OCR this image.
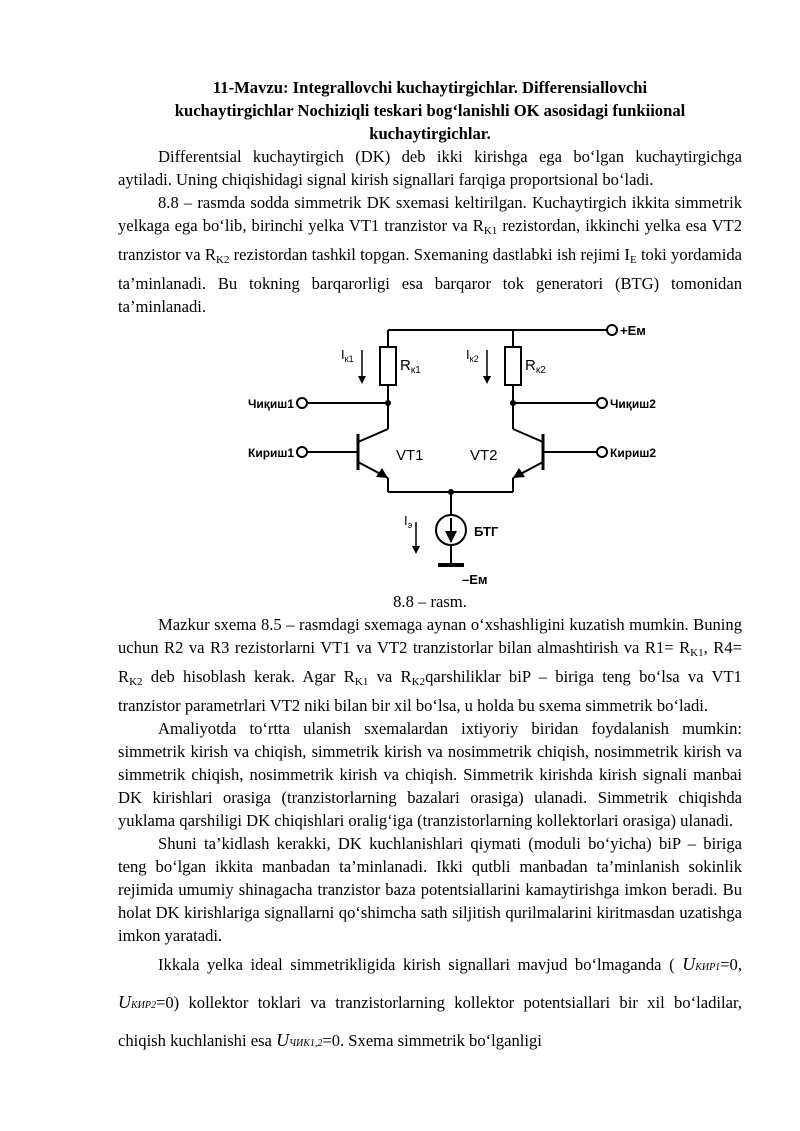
11-Mavzu: Integrallovchi kuchaytirgichlar. Differensiallovchi
kuchaytirgichlar Nochiziqli teskari bog‘lanishli OK asosidagi funkiional
kuchaytirgichlar.

Differentsial kuchaytirgich (DK) deb ikki kirishga ega bo‘lgan kuchaytirgichga aytiladi. Uning chiqishidagi signal kirish signallari farqiga proportsional bo‘ladi.

8.8 – rasmda sodda simmetrik DK sxemasi keltirilgan. Kuchaytirgich ikkita simmetrik yelkaga ega bo‘lib, birinchi yelka VT1 tranzistor va $R_{K1}$ rezistordan, ikkinchi yelka esa VT2 tranzistor va $R_{K2}$ rezistordan tashkil topgan. Sxemaning dastlabki ish rejimi $I_E$ toki yordamida ta’minlanadi. Bu tokning barqarorligi esa barqaror tok generatori (BTG) tomonidan ta’minlanadi.

$I_{к1}$	$R_{к1}$
$I_{к2}$	$R_{к2}$
+Eм
Чиқиш1	Чиқиш2
Кириш1	Кириш2
VT1	VT2
$I_э$	БТГ
–Eм
8.8 – rasm.

Mazkur sxema 8.5 – rasmdagi sxemaga aynan o‘xshashligini kuzatish mumkin. Buning uchun R2 va R3 rezistorlarni VT1 va VT2 tranzistorlar bilan almashtirish va $R1= R_{K1}$, $R4= R_{K2}$ deb hisoblash kerak. Agar $R_{K1}$ va $R_{K2}qarshiliklar$ biP – biriga teng bo‘lsa va VT1 tranzistor parametrlari VT2 niki bilan bir xil bo‘lsa, u holda bu sxema simmetrik bo‘ladi.

Amaliyotda to‘rtta ulanish sxemalardan ixtiyoriy biridan foydalanish mumkin: simmetrik kirish va chiqish, simmetrik kirish va nosimmetrik chiqish, nosimmetrik kirish va simmetrik chiqish, nosimmetrik kirish va chiqish. Simmetrik kirishda kirish signali manbai DK kirishlari orasiga (tranzistorlarning bazalari orasiga) ulanadi. Simmetrik chiqishda yuklama qarshiligi DK chiqishlari oralig‘iga (tranzistorlarning kollektorlari orasiga) ulanadi.

Shuni ta’kidlash kerakki, DK kuchlanishlari qiymati (moduli bo‘yicha) biP – biriga teng bo‘lgan ikkita manbadan ta’minlanadi. Ikki qutbli manbadan ta’minlanish sokinlik rejimida umumiy shinagacha tranzistor baza potentsiallarini kamaytirishga imkon beradi. Bu holat DK kirishlariga signallarni qo‘shimcha sath siljitish qurilmalarini kiritmasdan uzatishga imkon yaratadi.

Ikkala yelka ideal simmetrikligida kirish signallari mavjud bo‘lmaganda ( UКИР1=0, UКИР2=0) kollektor toklari va tranzistorlarning kollektor potentsiallari bir xil bo‘ladilar, chiqish kuchlanishi esa UЧИК1,2=0. Sxema simmetrik bo‘lganligi
